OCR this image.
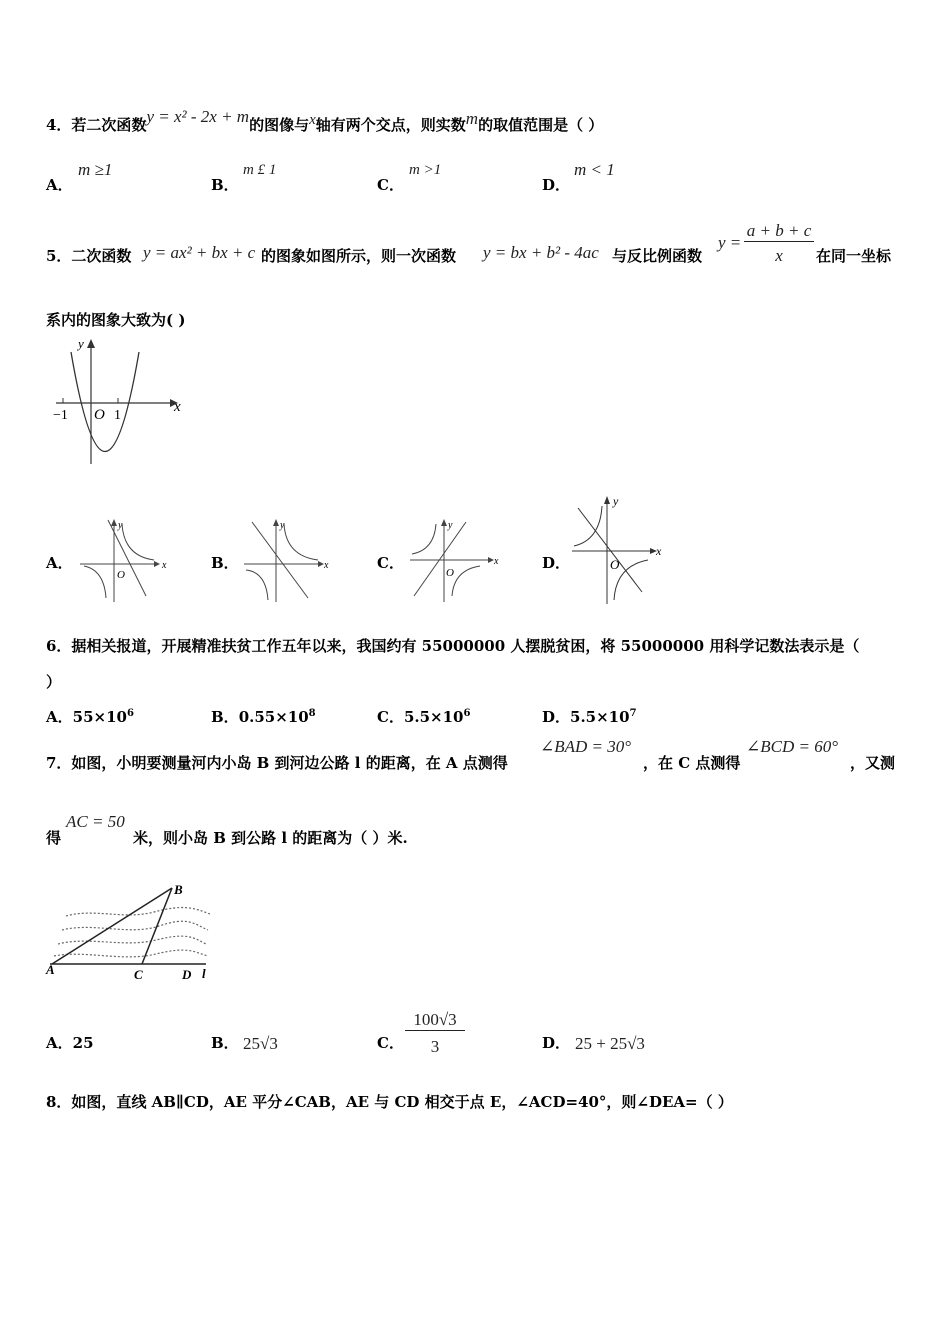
4．若二次函数y = x² - 2x + m的图像与x轴有两个交点，则实数m的取值范围是（ ）
A．
m ≥1
B．
m £ 1
C．
m >1
D．
m < 1
5．二次函数 y = ax² + bx + c 的图象如图所示，则一次函数 y = bx + b² - 4ac 与反比例函数
y =
a + b + c
x	在同一坐标
系内的图象大致为( )
y
x
−1 O 1
A．
y
x
O
B．
y
x	C．
y
x
O
D．
y
x
O
6．据相关报道，开展精准扶贫工作五年以来，我国约有 55000000 人摆脱贫困，将 55000000 用科学记数法表示是（
）
A．$55\times 10^6$	B．$0.55\times 10^8$	C．$5.5\times 10^6$	D．$5.5\times 10^7$
7．如图，小明要测量河内小岛 B 到河边公路 l 的距离，在 A 点测得
∠BAD = 30°
，在 C 点测得
∠BCD = 60°
，又测
得
AC = 50
米，则小岛 B 到公路 l 的距离为（ ）米.
A
B
C	D l
A．25	B． 25√3	C．
100√3
3	D． 25 + 25√3
8．如图，直线 AB∥CD，AE 平分∠CAB，AE 与 CD 相交于点 E，∠ACD=40°，则∠DEA=（ ）
